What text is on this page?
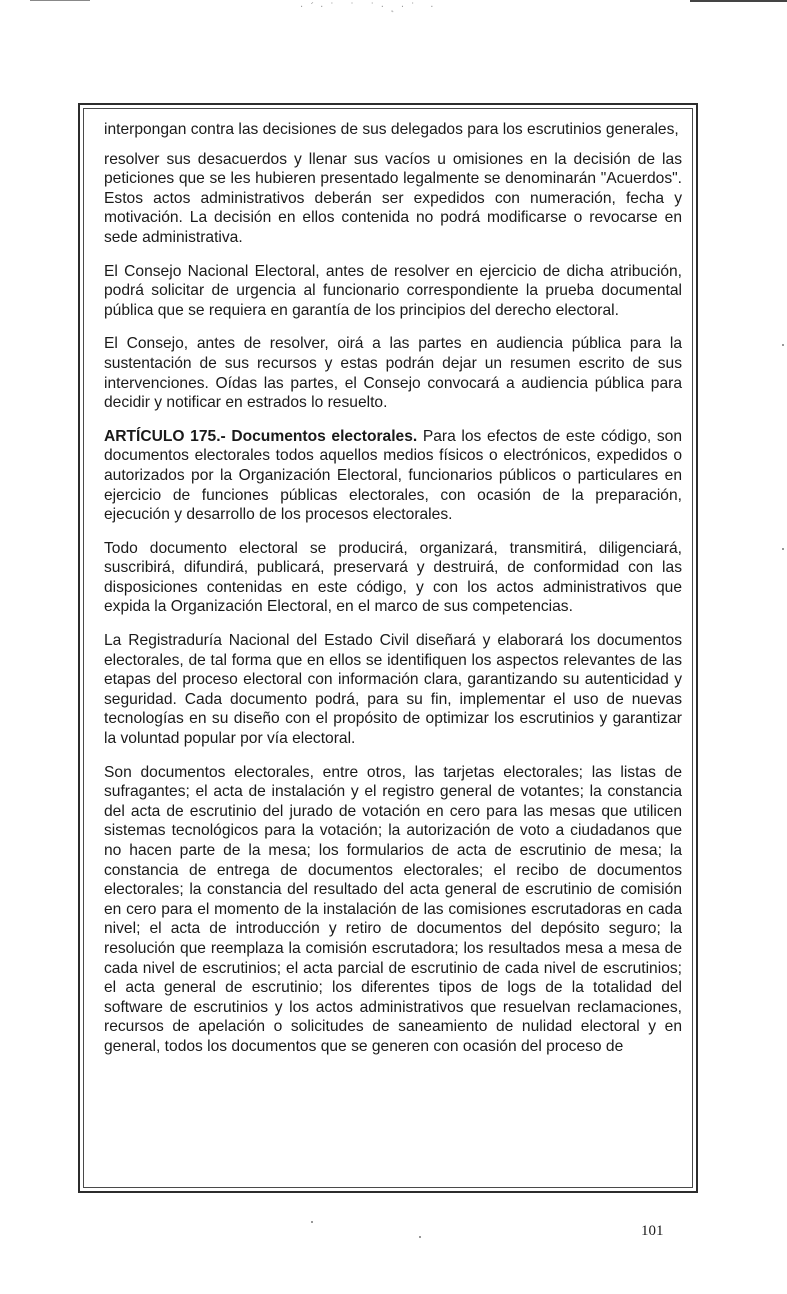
·´·˙ ˙ ˙·˛·˙ ·

interpongan contra las decisiones de sus delegados para los escrutinios generales,

resolver sus desacuerdos y llenar sus vacíos u omisiones en la decisión de las peticiones que se les hubieren presentado legalmente se denominarán "Acuerdos". Estos actos administrativos deberán ser expedidos con numeración, fecha y motivación. La decisión en ellos contenida no podrá modificarse o revocarse en sede administrativa.

El Consejo Nacional Electoral, antes de resolver en ejercicio de dicha atribución, podrá solicitar de urgencia al funcionario correspondiente la prueba documental pública que se requiera en garantía de los principios del derecho electoral.

El Consejo, antes de resolver, oirá a las partes en audiencia pública para la sustentación de sus recursos y estas podrán dejar un resumen escrito de sus intervenciones. Oídas las partes, el Consejo convocará a audiencia pública para decidir y notificar en estrados lo resuelto.

ARTÍCULO 175.- Documentos electorales. Para los efectos de este código, son documentos electorales todos aquellos medios físicos o electrónicos, expedidos o autorizados por la Organización Electoral, funcionarios públicos o particulares en ejercicio de funciones públicas electorales, con ocasión de la preparación, ejecución y desarrollo de los procesos electorales.

Todo documento electoral se producirá, organizará, transmitirá, diligenciará, suscribirá, difundirá, publicará, preservará y destruirá, de conformidad con las disposiciones contenidas en este código, y con los actos administrativos que expida la Organización Electoral, en el marco de sus competencias.

La Registraduría Nacional del Estado Civil diseñará y elaborará los documentos electorales, de tal forma que en ellos se identifiquen los aspectos relevantes de las etapas del proceso electoral con información clara, garantizando su autenticidad y seguridad. Cada documento podrá, para su fin, implementar el uso de nuevas tecnologías en su diseño con el propósito de optimizar los escrutinios y garantizar la voluntad popular por vía electoral.

Son documentos electorales, entre otros, las tarjetas electorales; las listas de sufragantes; el acta de instalación y el registro general de votantes; la constancia del acta de escrutinio del jurado de votación en cero para las mesas que utilicen sistemas tecnológicos para la votación; la autorización de voto a ciudadanos que no hacen parte de la mesa; los formularios de acta de escrutinio de mesa; la constancia de entrega de documentos electorales; el recibo de documentos electorales; la constancia del resultado del acta general de escrutinio de comisión en cero para el momento de la instalación de las comisiones escrutadoras en cada nivel; el acta de introducción y retiro de documentos del depósito seguro; la resolución que reemplaza la comisión escrutadora; los resultados mesa a mesa de cada nivel de escrutinios; el acta parcial de escrutinio de cada nivel de escrutinios; el acta general de escrutinio; los diferentes tipos de logs de la totalidad del software de escrutinios y los actos administrativos que resuelvan reclamaciones, recursos de apelación o solicitudes de saneamiento de nulidad electoral y en general, todos los documentos que se generen con ocasión del proceso de

101
